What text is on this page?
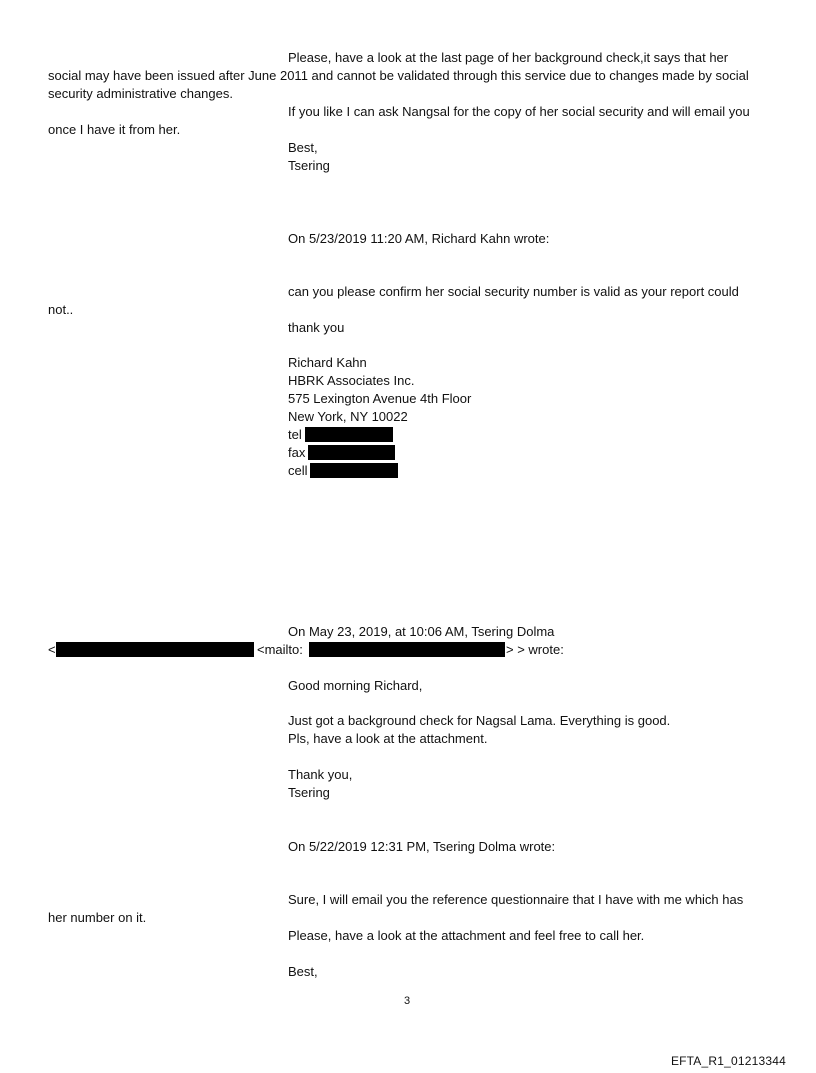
Please, have a look at the last page of her background check,it says that her
social may have been issued after June 2011 and cannot be validated through this service due to changes made by social
security administrative changes.
If you like I can ask Nangsal for the copy of her social security and will email you
once I have it from her.
Best,
Tsering
On 5/23/2019 11:20 AM, Richard Kahn wrote:
can you please confirm her social security number is valid as your report could
not..
thank you
Richard Kahn
HBRK Associates Inc.
575 Lexington Avenue 4th Floor
New York, NY 10022
tel
fax
cell
On May 23, 2019, at 10:06 AM, Tsering Dolma
<	<mailto:	> > wrote:
Good morning Richard,
Just got a background check for Nagsal Lama. Everything is good.
Pls, have a look at the attachment.
Thank you,
Tsering
On 5/22/2019 12:31 PM, Tsering Dolma wrote:
Sure, I will email you the reference questionnaire that I have with me which has
her number on it.
Please, have a look at the attachment and feel free to call her.
Best,
3
EFTA_R1_01213344
